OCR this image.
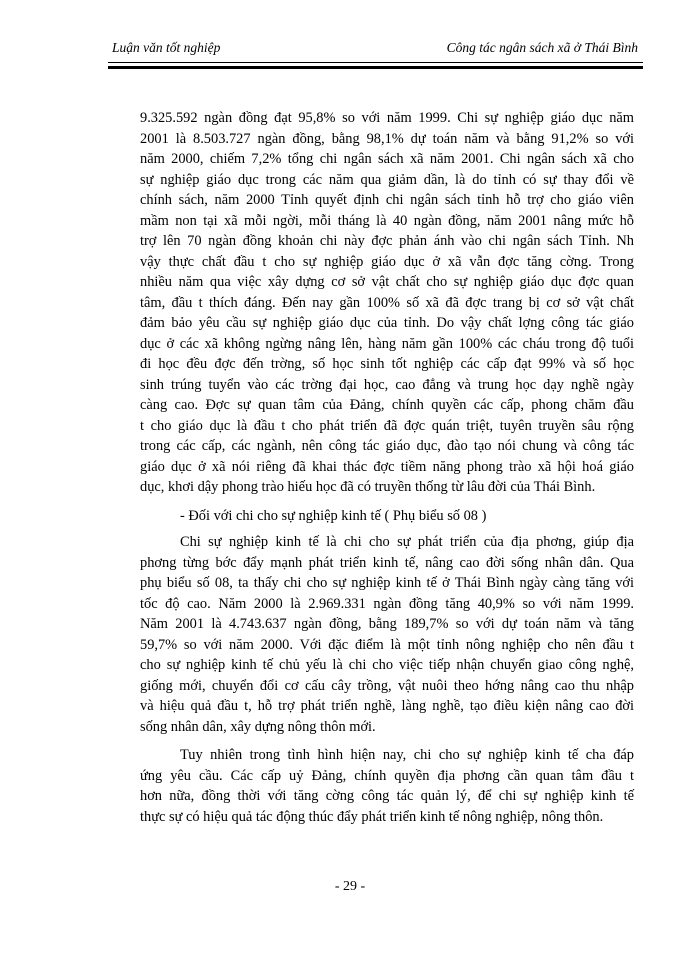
Luận văn tốt nghiệp	Công tác ngân sách xã ở Thái Bình
9.325.592 ngàn đồng đạt 95,8% so với năm 1999. Chi sự nghiệp giáo dục năm
2001 là 8.503.727 ngàn đồng, bằng 98,1% dự toán năm và bằng 91,2% so với
năm 2000, chiếm 7,2% tổng chi ngân sách xã năm 2001. Chi ngân sách xã cho
sự nghiệp giáo dục trong các năm qua giảm dần, là do tỉnh có sự thay đổi về
chính sách, năm 2000 Tỉnh quyết định chi ngân sách tỉnh hỗ trợ cho giáo viên
mầm non tại xã mỗi ngời, mỗi tháng là 40 ngàn đồng, năm 2001 nâng mức hỗ
trợ lên 70 ngàn đồng khoản chi này đợc phản ánh vào chi ngân sách Tỉnh. Nh
vậy thực chất đầu t cho sự nghiệp giáo dục ở xã vẫn đợc tăng cờng. Trong
nhiều năm qua việc xây dựng cơ sở vật chất cho sự nghiệp giáo dục đợc quan
tâm, đầu t thích đáng. Đến nay gần 100% số xã đã đợc trang bị cơ sở vật chất
đảm bảo yêu cầu sự nghiệp giáo dục của tỉnh. Do vậy chất lợng công tác giáo
dục ở các xã không ngừng nâng lên, hàng năm gần 100% các cháu trong độ tuổi
đi học đều đợc đến trờng, số học sinh tốt nghiệp các cấp đạt 99% và số học
sinh trúng tuyển vào các trờng đại học, cao đẳng và trung học dạy nghề ngày
càng cao. Đợc sự quan tâm của Đảng, chính quyền các cấp, phong chăm đầu
t cho giáo dục là đầu t cho phát triển đã đợc quán triệt, tuyên truyền sâu rộng
trong các cấp, các ngành, nên công tác giáo dục, đào tạo nói chung và công tác
giáo dục ở xã nói riêng đã khai thác đợc tiềm năng phong trào xã hội hoá giáo
dục, khơi dậy phong trào hiếu học đã có truyền thống từ lâu đời của Thái Bình.
- Đối với chi cho sự nghiệp kinh tế ( Phụ biểu số 08 )
Chi sự nghiệp kinh tế là chi cho sự phát triển của địa phơng, giúp địa
phơng từng bớc đẩy mạnh phát triển kinh tế, nâng cao đời sống nhân dân. Qua
phụ biểu số 08, ta thấy chi cho sự nghiệp kinh tế ở Thái Bình ngày càng tăng với
tốc độ cao. Năm 2000 là 2.969.331 ngàn đồng tăng 40,9% so với năm 1999.
Năm 2001 là 4.743.637 ngàn đồng, bằng 189,7% so với dự toán năm và tăng
59,7% so với năm 2000. Với đặc điểm là một tỉnh nông nghiệp cho nên đầu t
cho sự nghiệp kinh tế chủ yếu là chi cho việc tiếp nhận chuyển giao công nghệ,
giống mới, chuyển đổi cơ cấu cây trồng, vật nuôi theo hớng nâng cao thu nhập
và hiệu quả đầu t, hỗ trợ phát triển nghề, làng nghề, tạo điều kiện nâng cao đời
sống nhân dân, xây dựng nông thôn mới.
Tuy nhiên trong tình hình hiện nay, chi cho sự nghiệp kinh tế cha đáp
ứng yêu cầu. Các cấp uỷ Đảng, chính quyền địa phơng cần quan tâm đầu t
hơn nữa, đồng thời với tăng cờng công tác quản lý, để chi sự nghiệp kinh tế
thực sự có hiệu quả tác động thúc đẩy phát triển kinh tế nông nghiệp, nông thôn.
- 29 -
